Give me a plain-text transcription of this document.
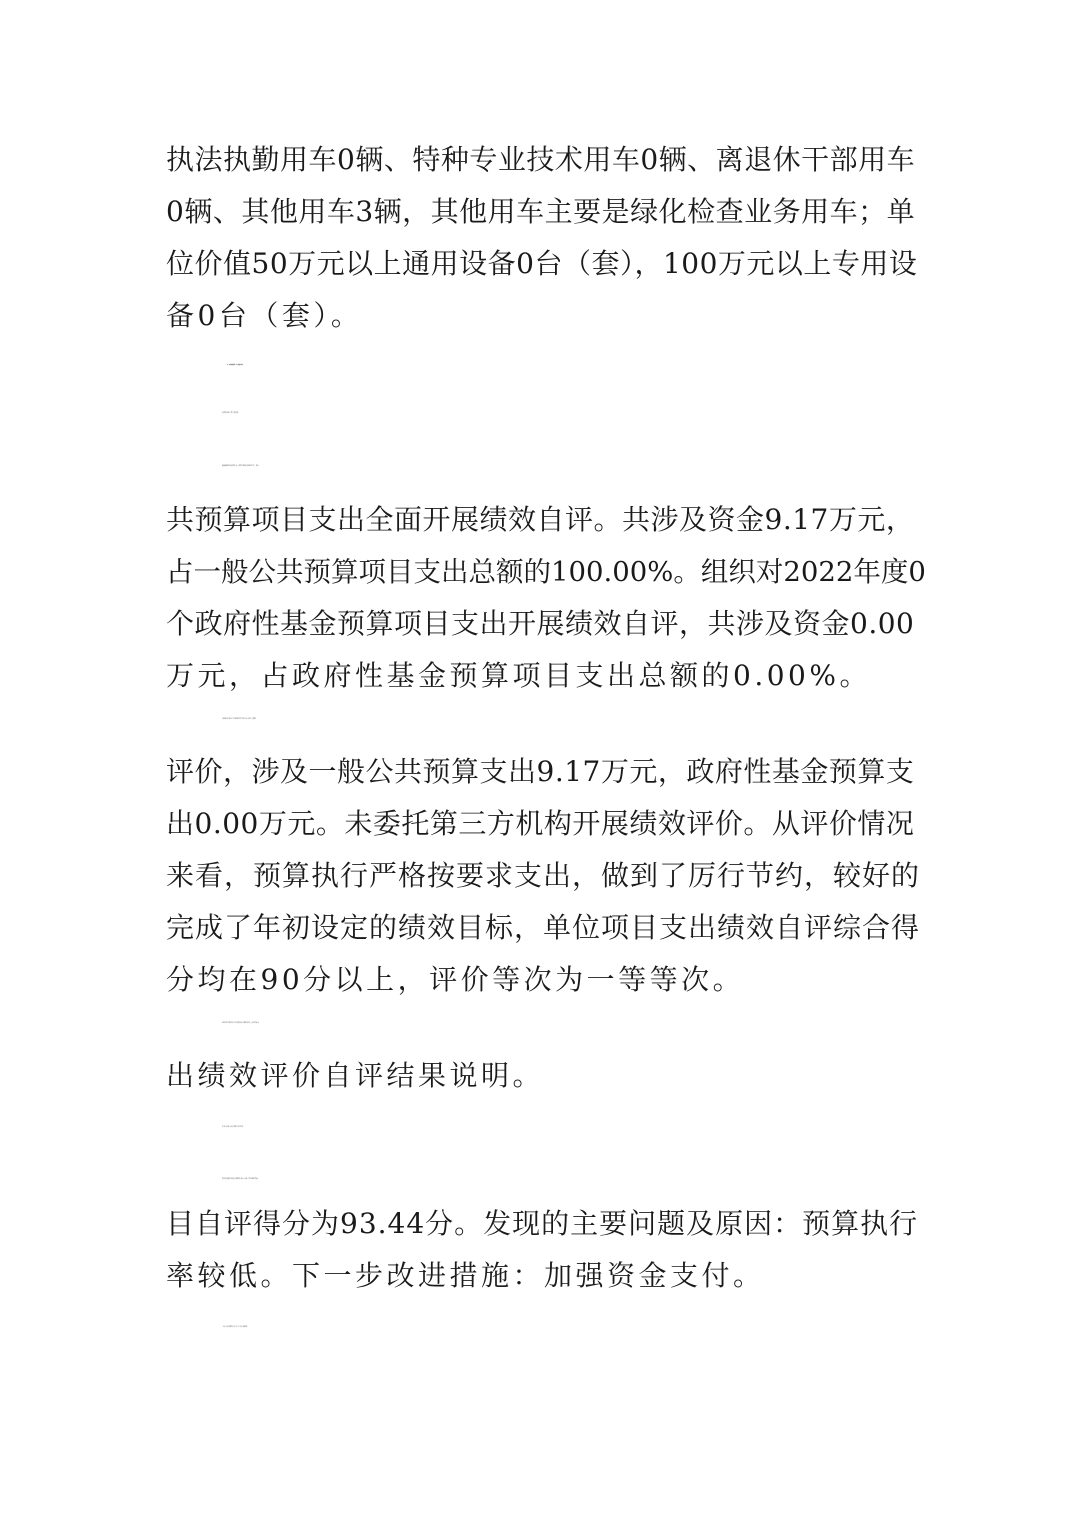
执法执勤用车0辆、特种专业技术用车0辆、离退休干部用车
0辆、其他用车3辆，其他用车主要是绿化检查业务用车；单
位价值50万元以上通用设备0台（套），100万元以上专用设
备0台（套）。
（四）预算绩效管理工作开展情况说明
1.绩效管理工作开展情况
根据财政预算管理要求，我单位组织对2022年度一般公
共预算项目支出全面开展绩效自评。共涉及资金9.17万元，
占一般公共预算项目支出总额的100.00%。组织对2022年度0
个政府性基金预算项目支出开展绩效自评，共涉及资金0.00
万元，占政府性基金预算项目支出总额的0.00%。
共组织对“绿化工作管理经费”等2个项目进行了绩效
评价，涉及一般公共预算支出9.17万元，政府性基金预算支
出0.00万元。未委托第三方机构开展绩效评价。从评价情况
来看，预算执行严格按要求支出，做到了厉行节约，较好的
完成了年初设定的绩效目标，单位项目支出绩效自评综合得
分均在90分以上，评价等次为一等等次。
2022年度我单位未开展整体支出绩效评价，故无整体支
出绩效评价自评结果说明。
2.部门决算中项目绩效自评结果。
我单位根据年初设定的绩效目标，绿化工作管理经费项
目自评得分为93.44分。发现的主要问题及原因：预算执行
率较低。下一步改进措施：加强资金支付。
《项目支出绩效自评表》详见后附附件。
